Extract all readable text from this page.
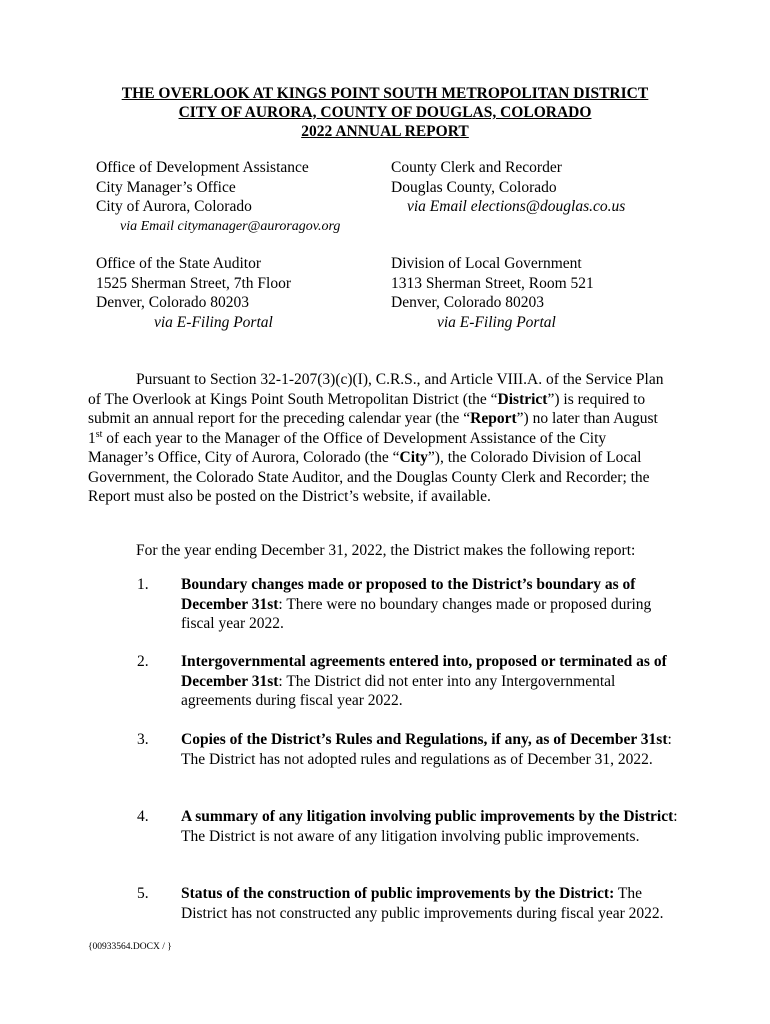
THE OVERLOOK AT KINGS POINT SOUTH METROPOLITAN DISTRICT
CITY OF AURORA, COUNTY OF DOUGLAS, COLORADO
2022 ANNUAL REPORT
Office of Development Assistance
City Manager’s Office
City of Aurora, Colorado
via Email citymanager@auroragov.org
County Clerk and Recorder
Douglas County, Colorado
via Email elections@douglas.co.us
Office of the State Auditor
1525 Sherman Street, 7th Floor
Denver, Colorado 80203
via E-Filing Portal
Division of Local Government
1313 Sherman Street, Room 521
Denver, Colorado 80203
via E-Filing Portal
Pursuant to Section 32-1-207(3)(c)(I), C.R.S., and Article VIII.A. of the Service Plan of The Overlook at Kings Point South Metropolitan District (the “District”) is required to submit an annual report for the preceding calendar year (the “Report”) no later than August 1st of each year to the Manager of the Office of Development Assistance of the City Manager’s Office, City of Aurora, Colorado (the “City”), the Colorado Division of Local Government, the Colorado State Auditor, and the Douglas County Clerk and Recorder; the Report must also be posted on the District’s website, if available.
For the year ending December 31, 2022, the District makes the following report:
1. Boundary changes made or proposed to the District’s boundary as of December 31st: There were no boundary changes made or proposed during fiscal year 2022.
2. Intergovernmental agreements entered into, proposed or terminated as of December 31st: The District did not enter into any Intergovernmental agreements during fiscal year 2022.
3. Copies of the District’s Rules and Regulations, if any, as of December 31st: The District has not adopted rules and regulations as of December 31, 2022.
4. A summary of any litigation involving public improvements by the District: The District is not aware of any litigation involving public improvements.
5. Status of the construction of public improvements by the District: The District has not constructed any public improvements during fiscal year 2022.
{00933564.DOCX / }
